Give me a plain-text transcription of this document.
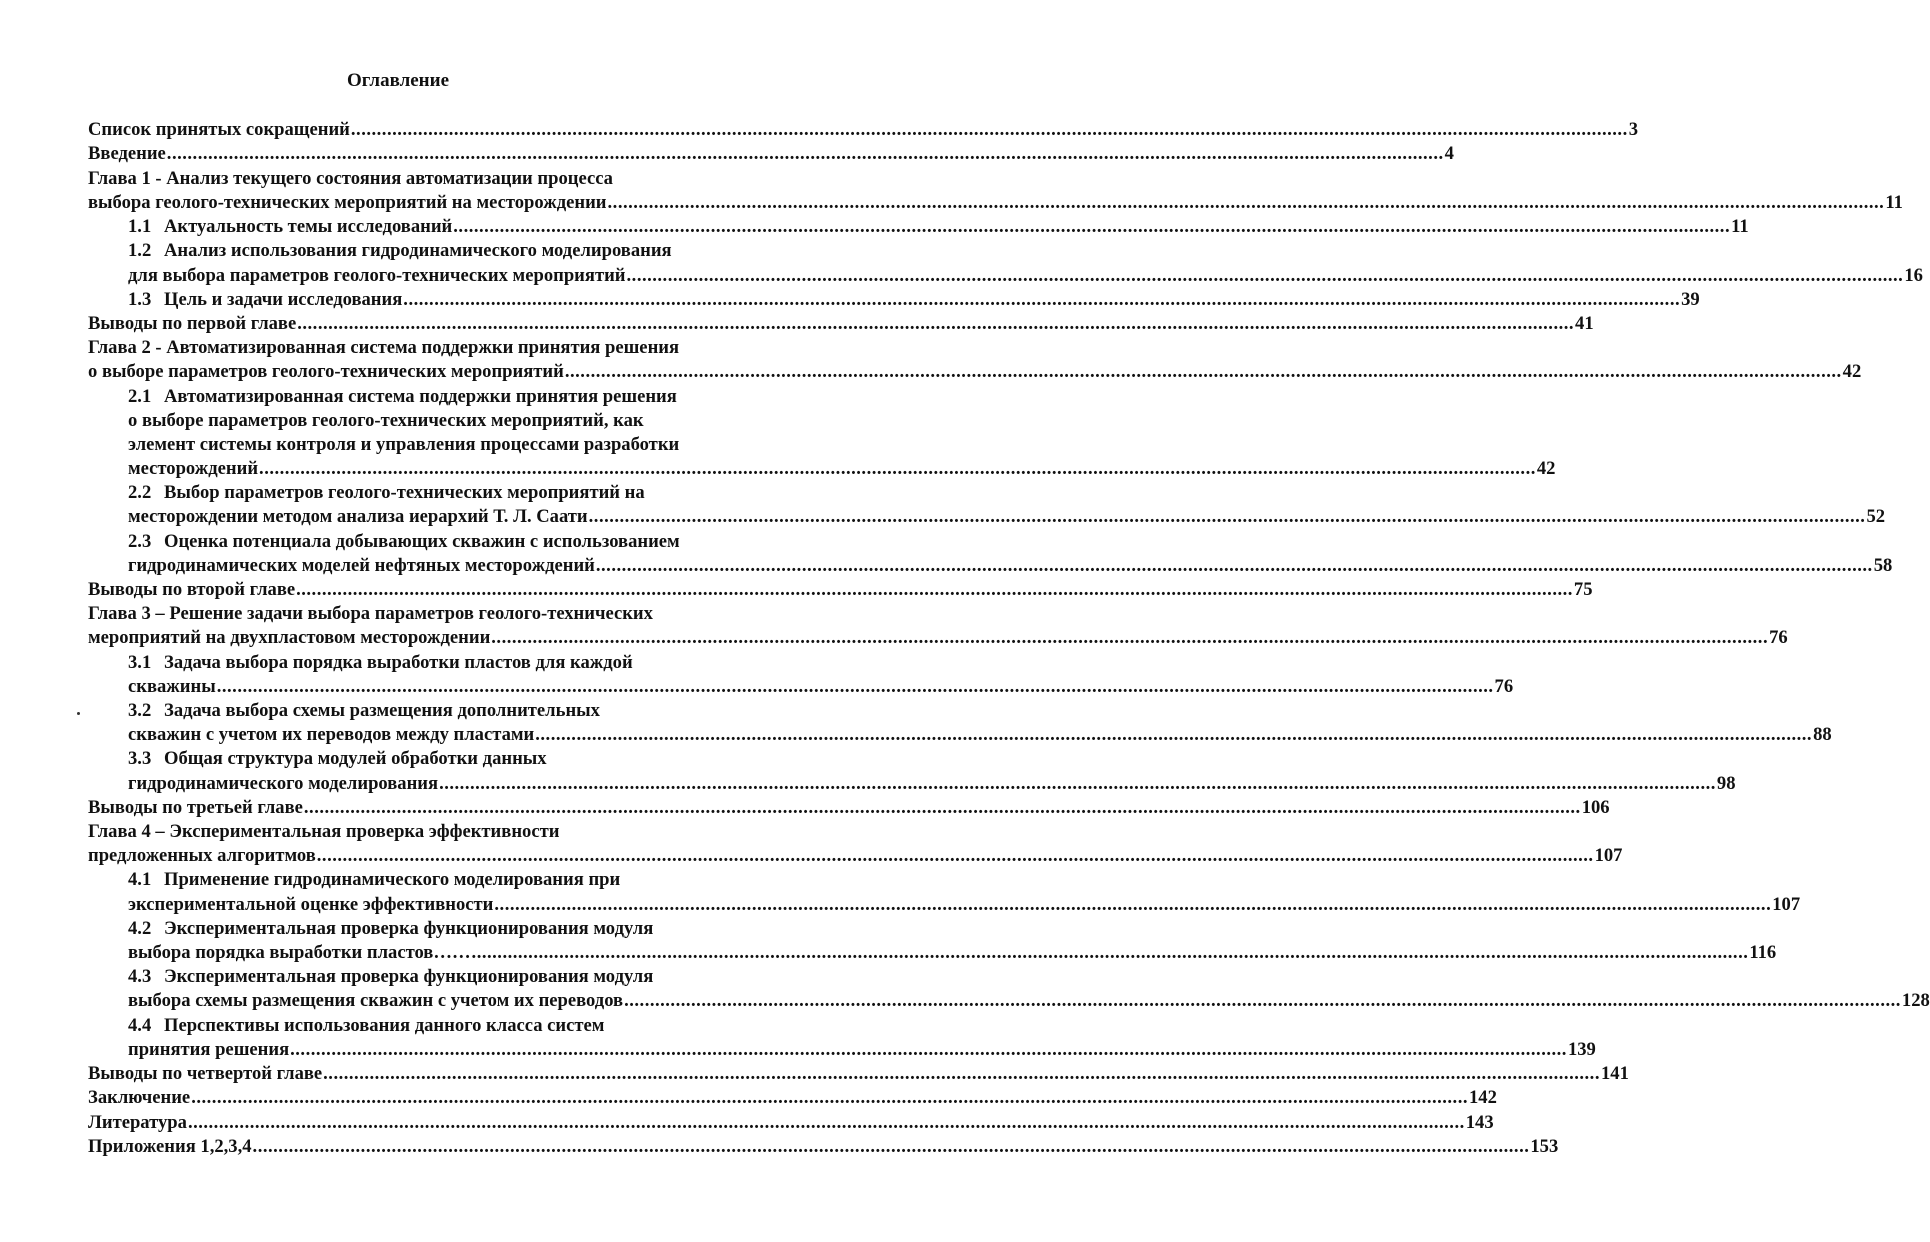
Оглавление
Список принятых сокращений .....	3
Введение .....	4
Глава 1 - Анализ текущего состояния автоматизации процесса
выбора геолого-технических мероприятий на месторождении .....	11
1.1 Актуальность темы исследований .....	11
1.2 Анализ использования гидродинамического моделирования
для выбора параметров геолого-технических мероприятий .....	16
1.3 Цель и задачи исследования .....	39
Выводы по первой главе .....	41
Глава 2 - Автоматизированная система поддержки принятия решения
о выборе параметров геолого-технических мероприятий .....	42
2.1 Автоматизированная система поддержки принятия решения
о выборе параметров геолого-технических мероприятий, как
элемент системы контроля и управления процессами разработки
месторождений .....	42
2.2 Выбор параметров геолого-технических мероприятий на
месторождении методом анализа иерархий Т. Л. Саати .....	52
2.3 Оценка потенциала добывающих скважин с использованием
гидродинамических моделей нефтяных месторождений .....	58
Выводы по второй главе .....	75
Глава 3 – Решение задачи выбора параметров геолого-технических
мероприятий на двухпластовом месторождении .....	76
3.1 Задача выбора порядка выработки пластов для каждой
скважины .....	76
3.2 Задача выбора схемы размещения дополнительных
скважин с учетом их переводов между пластами .....	88
3.3 Общая структура модулей обработки данных
гидродинамического моделирования .....	98
Выводы по третьей главе .....	106
Глава 4 – Экспериментальная проверка эффективности
предложенных алгоритмов .....	107
4.1 Применение гидродинамического моделирования при
экспериментальной оценке эффективности .....	107
4.2 Экспериментальная проверка функционирования модуля
выбора порядка выработки пластов…… .....	116
4.3 Экспериментальная проверка функционирования модуля
выбора схемы размещения скважин с учетом их переводов .....	128
4.4 Перспективы использования данного класса систем
принятия решения .....	139
Выводы по четвертой главе .....	141
Заключение .....	142
Литература .....	143
Приложения 1,2,3,4 .....	153
